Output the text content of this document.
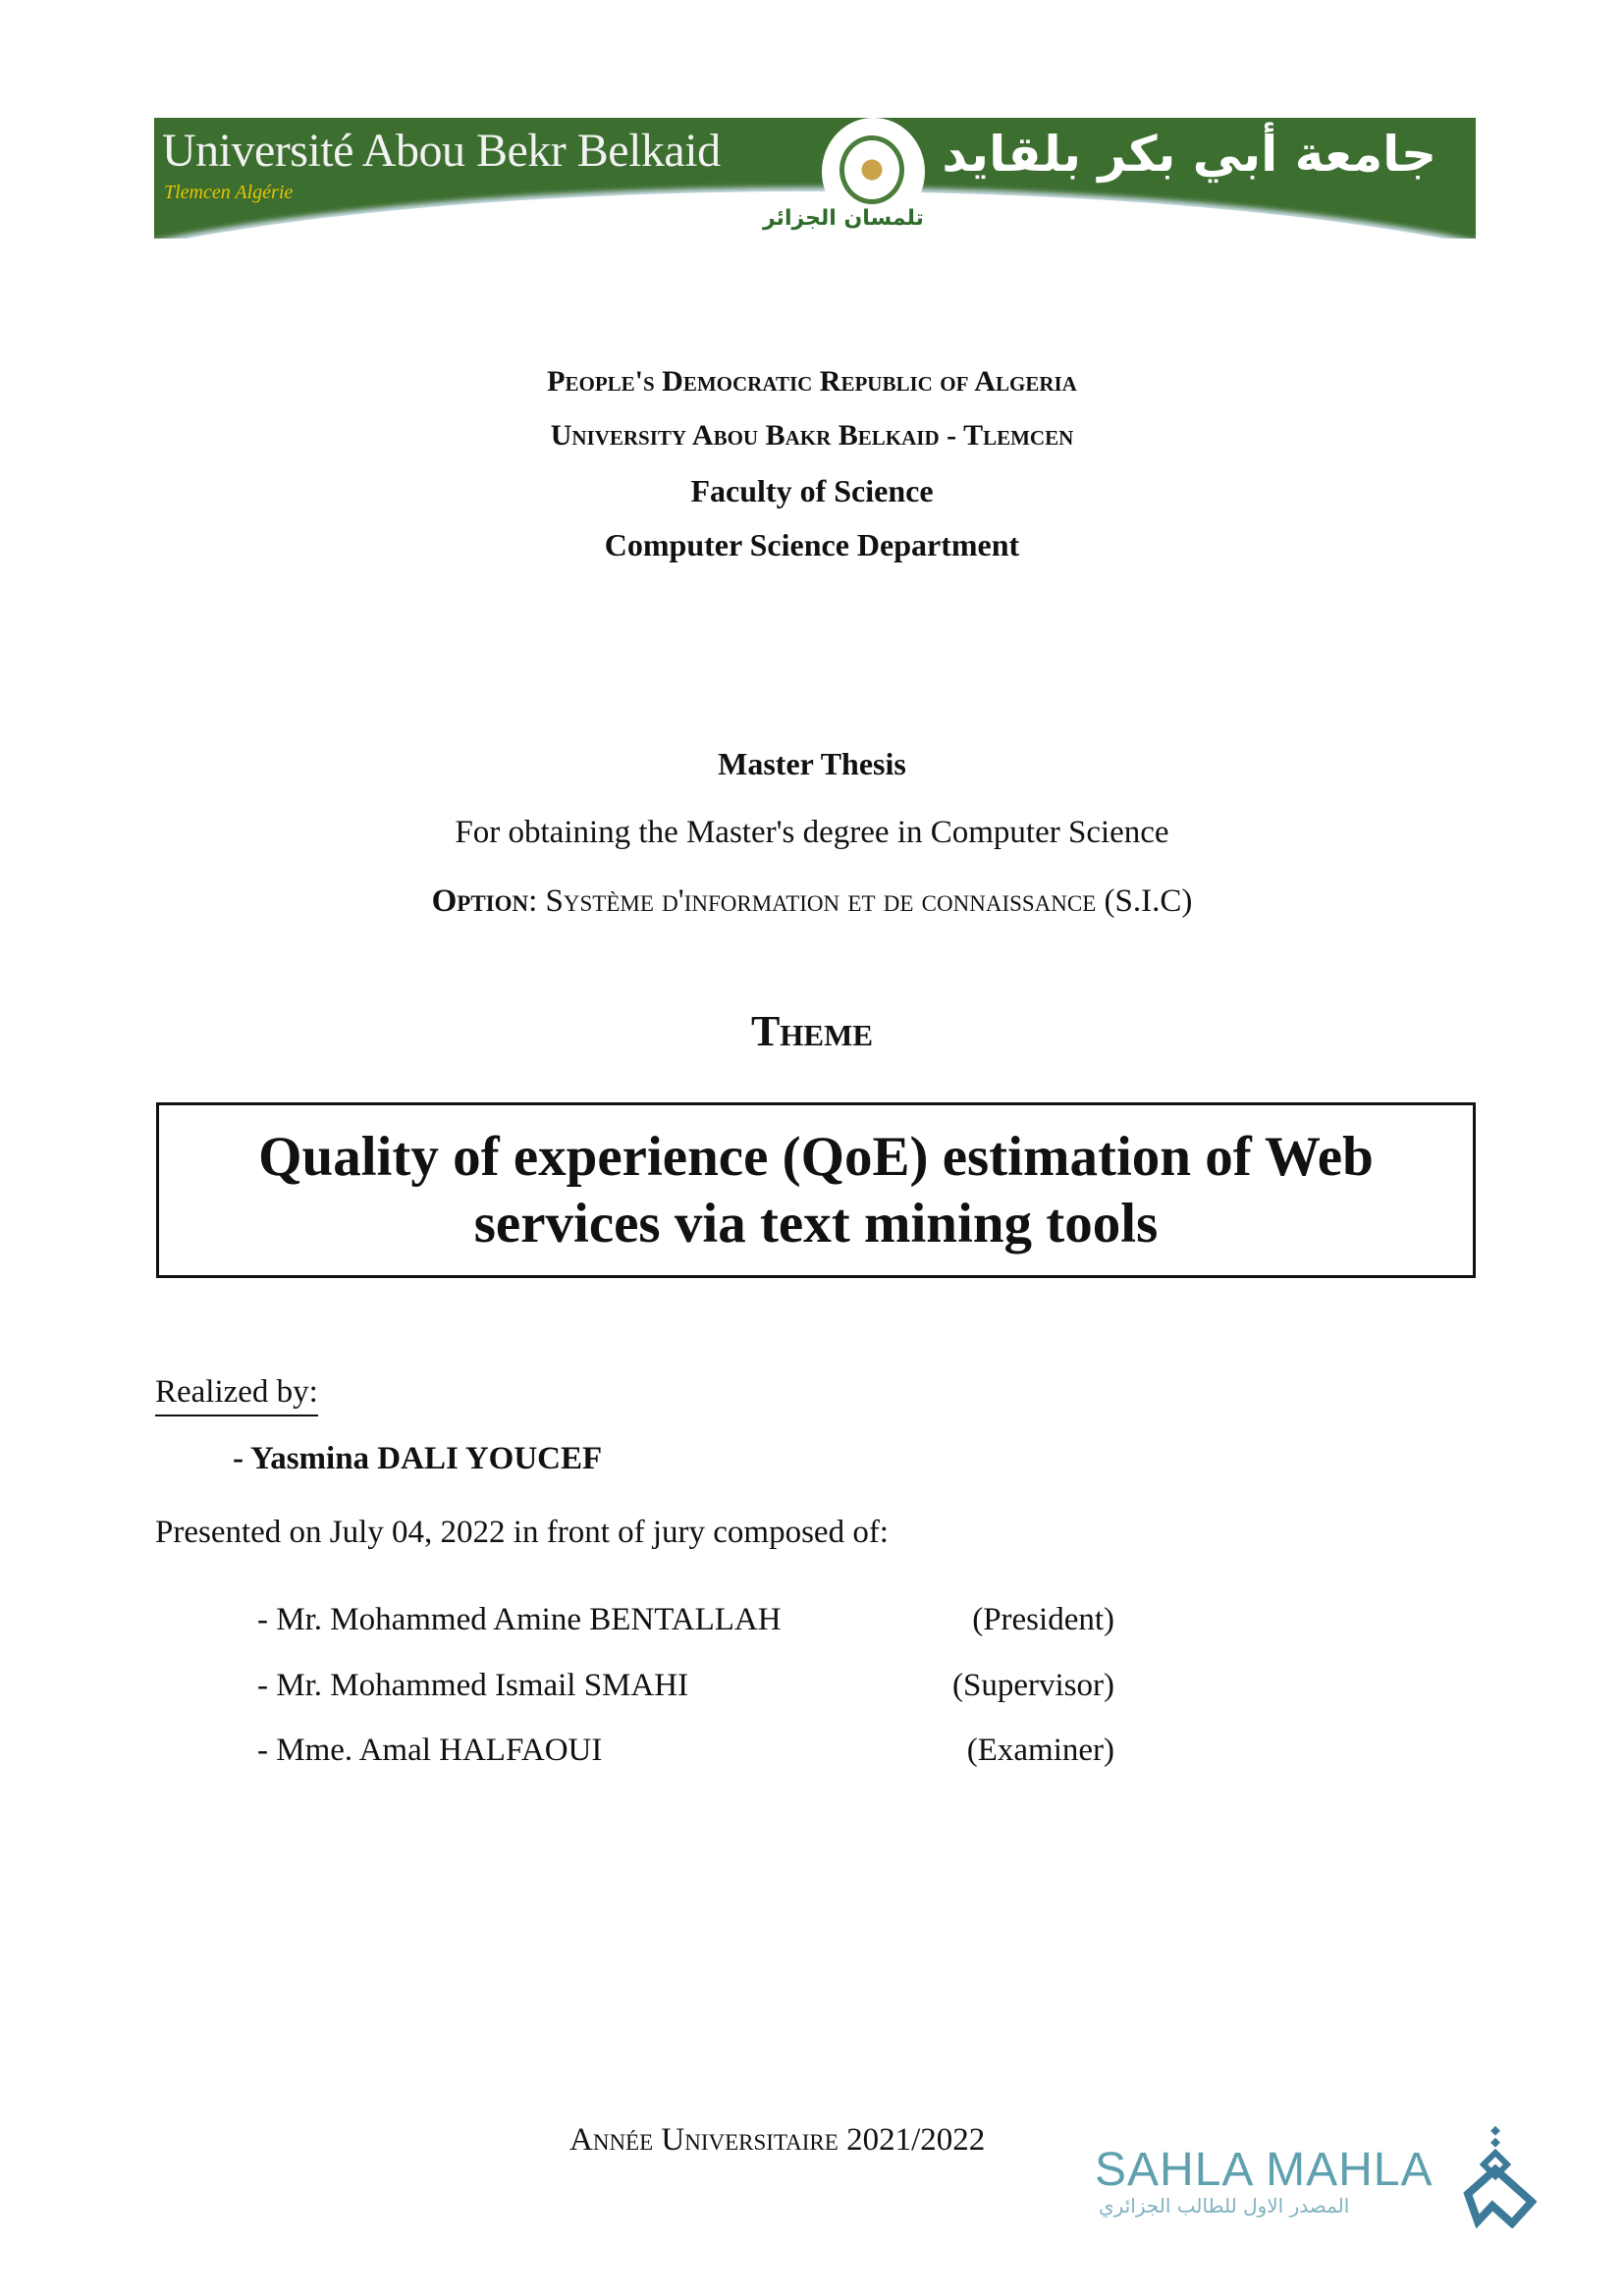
Université Abou Bekr Belkaid
Tlemcen Algérie
جامعة أبي بكر بلقايد
تلمسان الجزائر
People's Democratic Republic of Algeria
University Abou Bakr Belkaid - Tlemcen
Faculty of Science
Computer Science Department
Master Thesis
For obtaining the Master's degree in Computer Science
Option: Système d'information et de connaissance (S.I.C)
Theme
Quality of experience (QoE) estimation of Web services via text mining tools
Realized by:
- Yasmina DALI YOUCEF
Presented on July 04, 2022 in front of jury composed of:
- Mr. Mohammed Amine BENTALLAH	(President)
- Mr. Mohammed Ismail SMAHI	(Supervisor)
- Mme. Amal HALFAOUI	(Examiner)
Année Universitaire 2021/2022
SAHLA MAHLA
المصدر الاول للطالب الجزائري
